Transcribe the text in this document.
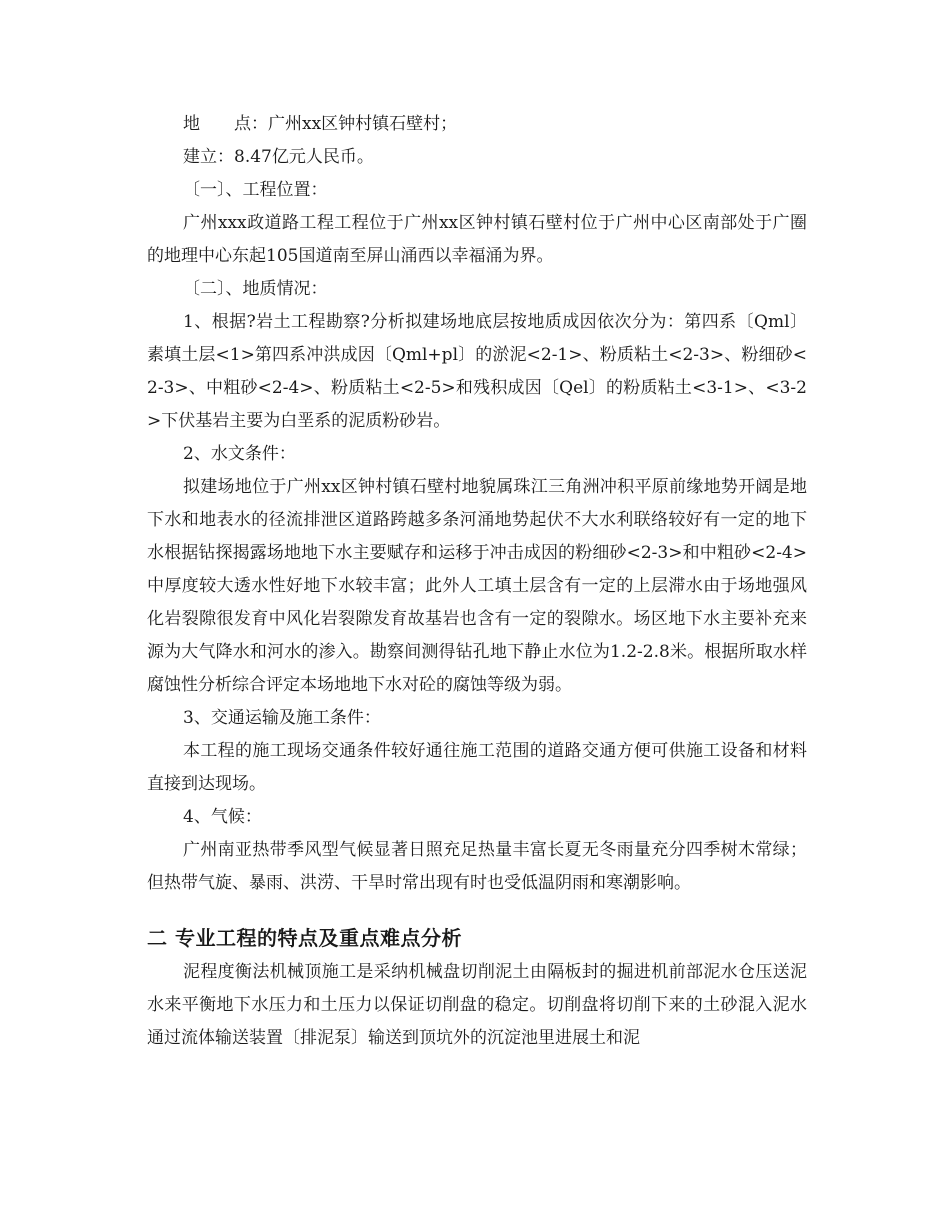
地　　点：广州xx区钟村镇石壁村；

建立：8.47亿元人民币。

〔一〕、工程位置：

广州xxx政道路工程工程位于广州xx区钟村镇石壁村位于广州中心区南部处于广圈的地理中心东起105国道南至屏山涌西以幸福涌为界。

〔二〕、地质情况：

1、根据?岩土工程勘察?分析拟建场地底层按地质成因依次分为：第四系〔Qml〕素填土层<1>第四系冲洪成因〔Qml+pl〕的淤泥<2-1>、粉质粘土<2-3>、粉细砂<2-3>、中粗砂<2-4>、粉质粘土<2-5>和残积成因〔Qel〕的粉质粘土<3-1>、<3-2>下伏基岩主要为白垩系的泥质粉砂岩。

2、水文条件：

拟建场地位于广州xx区钟村镇石壁村地貌属珠江三角洲冲积平原前缘地势开阔是地下水和地表水的径流排泄区道路跨越多条河涌地势起伏不大水利联络较好有一定的地下水根据钻探揭露场地地下水主要赋存和运移于冲击成因的粉细砂<2-3>和中粗砂<2-4>中厚度较大透水性好地下水较丰富；此外人工填土层含有一定的上层滞水由于场地强风化岩裂隙很发育中风化岩裂隙发育故基岩也含有一定的裂隙水。场区地下水主要补充来源为大气降水和河水的渗入。勘察间测得钻孔地下静止水位为1.2-2.8米。根据所取水样腐蚀性分析综合评定本场地地下水对砼的腐蚀等级为弱。

3、交通运输及施工条件：

本工程的施工现场交通条件较好通往施工范围的道路交通方便可供施工设备和材料直接到达现场。

4、气候：

广州南亚热带季风型气候显著日照充足热量丰富长夏无冬雨量充分四季树木常绿；但热带气旋、暴雨、洪涝、干旱时常出现有时也受低温阴雨和寒潮影响。

二 专业工程的特点及重点难点分析

泥程度衡法机械顶施工是采纳机械盘切削泥土由隔板封的掘进机前部泥水仓压送泥水来平衡地下水压力和土压力以保证切削盘的稳定。切削盘将切削下来的土砂混入泥水通过流体输送装置〔排泥泵〕输送到顶坑外的沉淀池里进展土和泥
